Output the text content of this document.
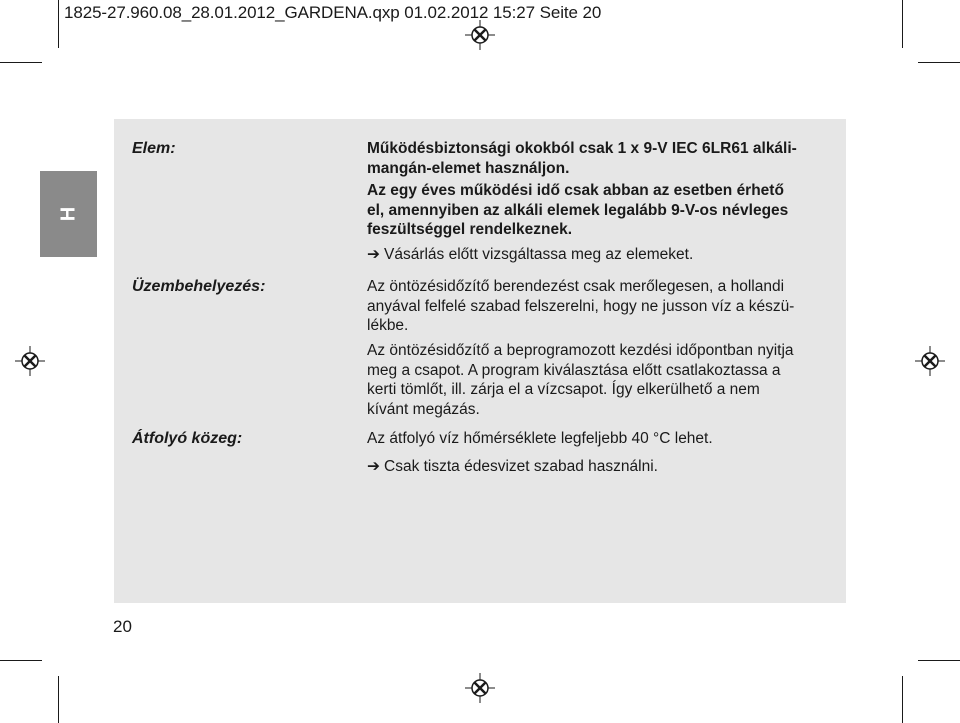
1825-27.960.08_28.01.2012_GARDENA.qxp 01.02.2012 15:27 Seite 20
H
Elem:	Működésbiztonsági okokból csak 1 x 9-V IEC 6LR61 alkáli-
mangán-elemet használjon.
Az egy éves működési idő csak abban az esetben érhető
el, amennyiben az alkáli elemek legalább 9-V-os névleges
feszültséggel rendelkeznek.
➔ Vásárlás előtt vizsgáltassa meg az elemeket.
Üzembehelyezés:	Az öntözésidőzítő berendezést csak merőlegesen, a hollandi
anyával felfelé szabad felszerelni, hogy ne jusson víz a készü-
lékbe.
Az öntözésidőzítő a beprogramozott kezdési időpontban nyitja
meg a csapot. A program kiválasztása előtt csatlakoztassa a
kerti tömlőt, ill. zárja el a vízcsapot. Így elkerülhető a nem
kívánt megázás.
Átfolyó közeg:	Az átfolyó víz hőmérséklete legfeljebb 40 °C lehet.
➔ Csak tiszta édesvizet szabad használni.
20
